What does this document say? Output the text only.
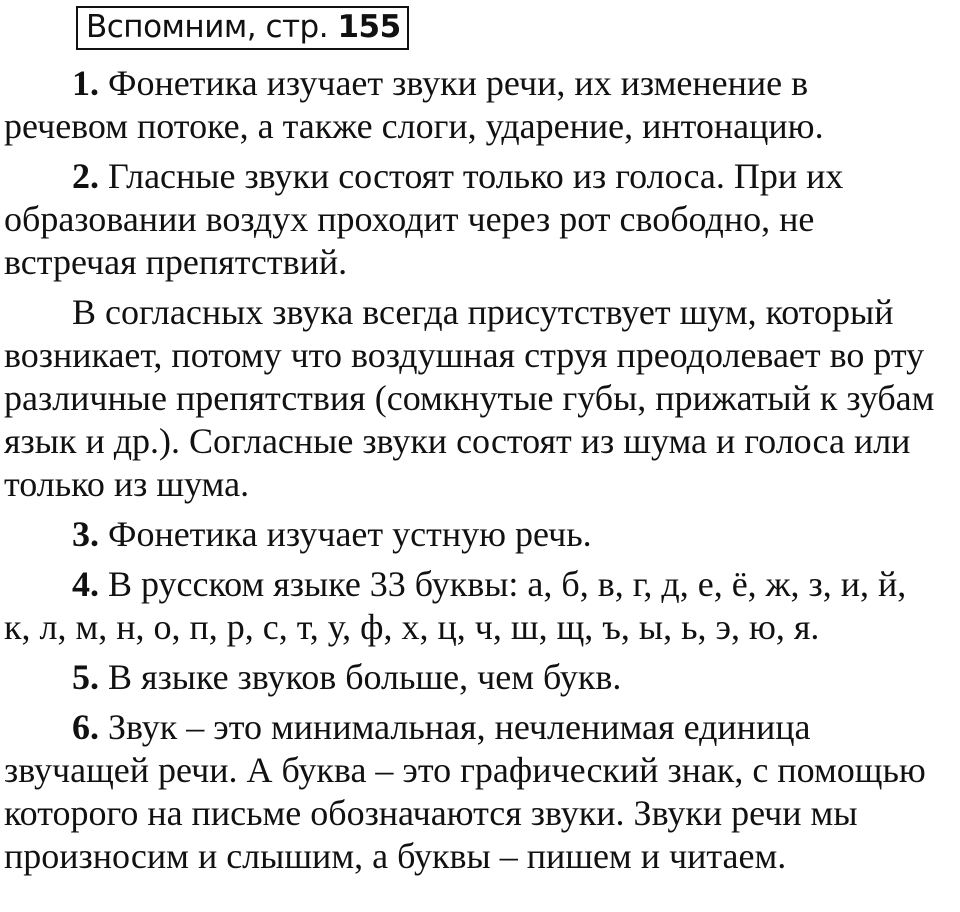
Вспомним, стр. 155

1. Фонетика изучает звуки речи, их изменение в
речевом потоке, а также слоги, ударение, интонацию.

2. Гласные звуки состоят только из голоса. При их
образовании воздух проходит через рот свободно, не
встречая препятствий.

В согласных звука всегда присутствует шум, который
возникает, потому что воздушная струя преодолевает во рту
различные препятствия (сомкнутые губы, прижатый к зубам
язык и др.). Согласные звуки состоят из шума и голоса или
только из шума.

3. Фонетика изучает устную речь.

4. В русском языке 33 буквы: а, б, в, г, д, е, ё, ж, з, и, й,
к, л, м, н, о, п, р, с, т, у, ф, х, ц, ч, ш, щ, ъ, ы, ь, э, ю, я.

5. В языке звуков больше, чем букв.

6. Звук – это минимальная, нечленимая единица
звучащей речи. А буква – это графический знак, с помощью
которого на письме обозначаются звуки. Звуки речи мы
произносим и слышим, а буквы – пишем и читаем.
